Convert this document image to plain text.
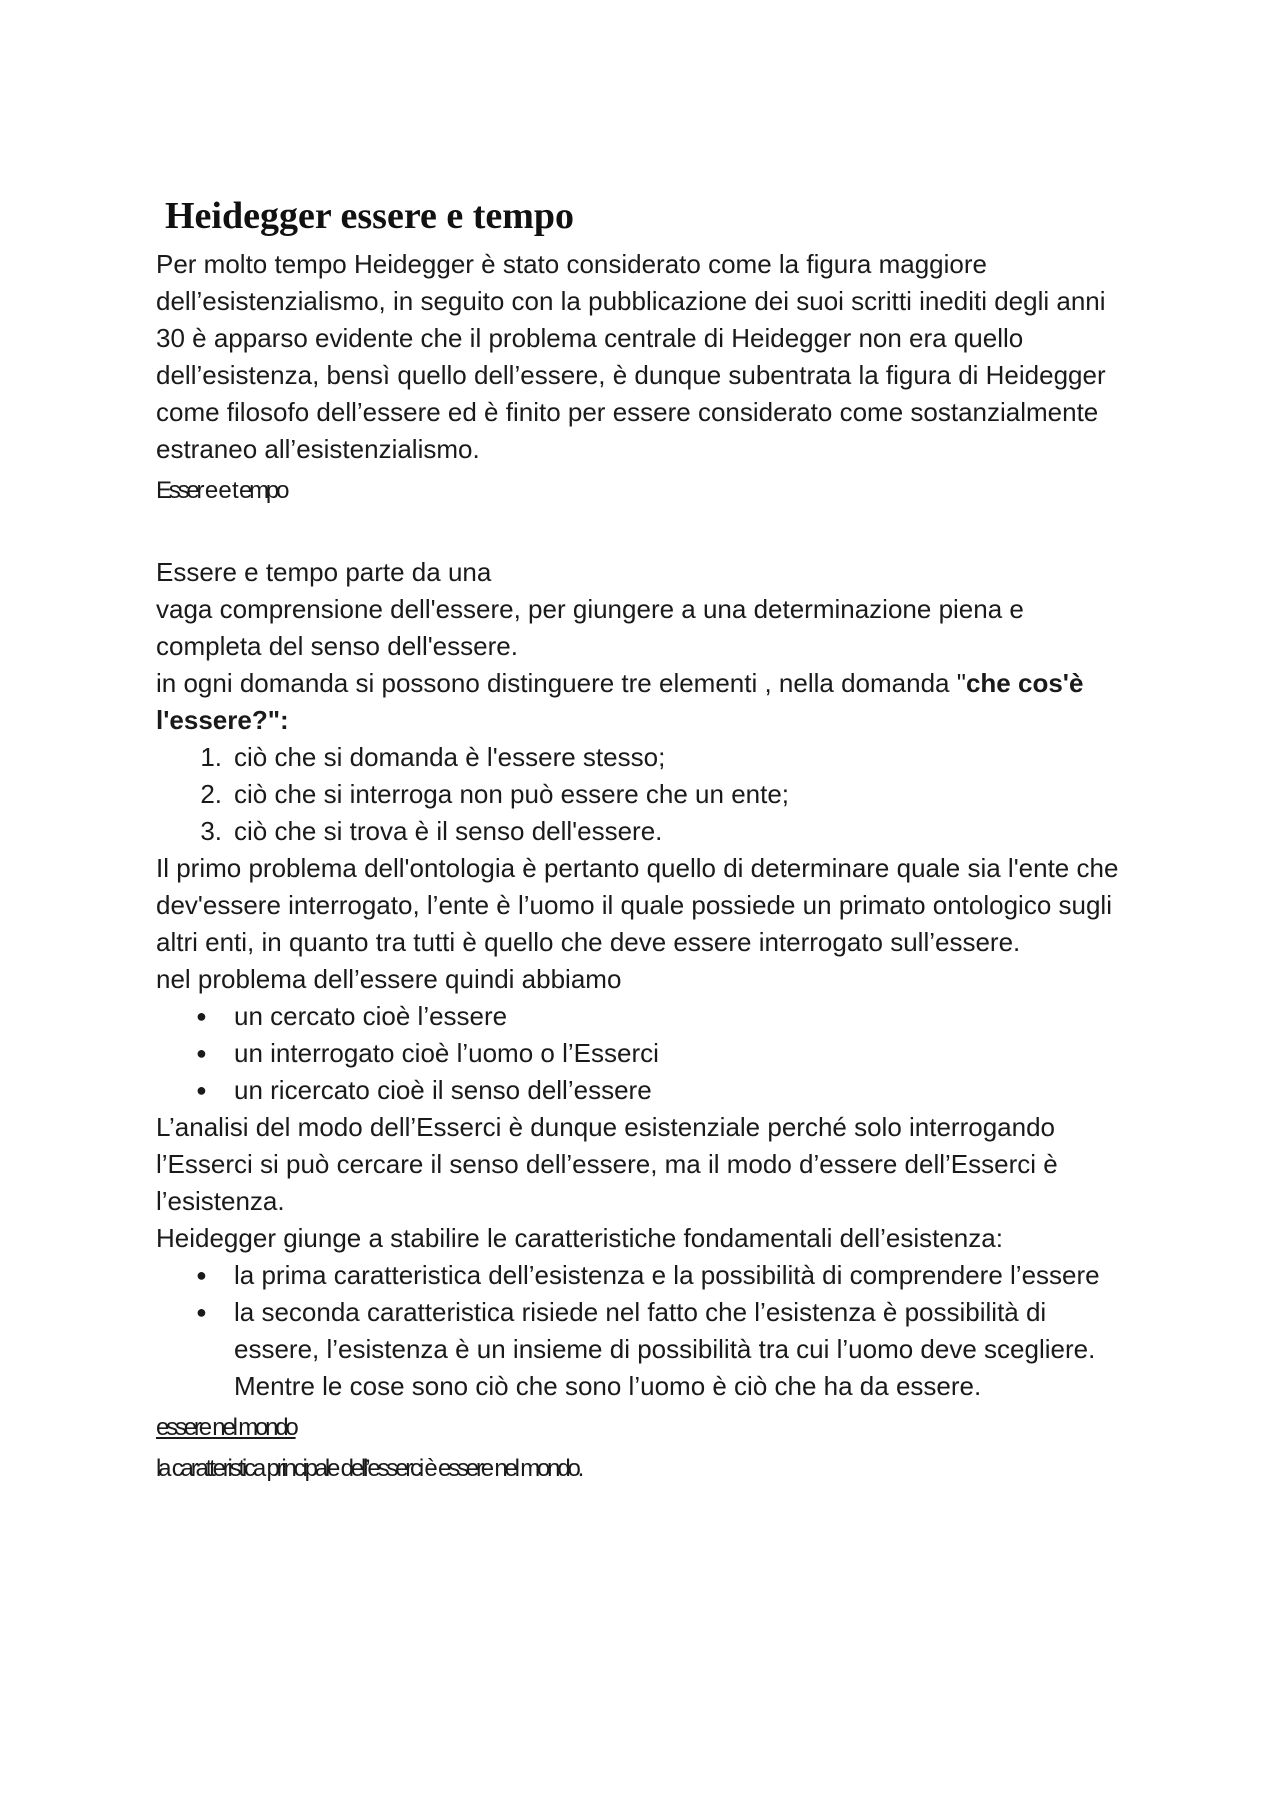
Heidegger essere e tempo

Per molto tempo Heidegger è stato considerato come la figura maggiore dell’esistenzialismo, in seguito con la pubblicazione dei suoi scritti inediti degli anni 30 è apparso evidente che il problema centrale di Heidegger non era quello dell’esistenza, bensì quello dell’essere, è dunque subentrata la figura di Heidegger come filosofo dell’essere ed è finito per essere considerato come sostanzialmente estraneo all’esistenzialismo.

Esser e e t empo

Essere e tempo parte da una

vaga comprensione dell'essere, per giungere a una determinazione piena e completa del senso dell'essere.

in ogni domanda si possono distinguere tre elementi , nella domanda "che cos'è l'essere?":

1. ciò che si domanda è l'essere stesso;
2. ciò che si interroga non può essere che un ente;
3. ciò che si trova è il senso dell'essere.

Il primo problema dell'ontologia è pertanto quello di determinare quale sia l'ente che dev'essere interrogato, l’ente è l’uomo il quale possiede un primato ontologico sugli altri enti, in quanto tra tutti è quello che deve essere interrogato sull’essere.

nel problema dell’essere quindi abbiamo

● un cercato cioè l’essere
● un interrogato cioè l’uomo o l’Esserci
● un ricercato cioè il senso dell’essere

L’analisi del modo dell’Esserci è dunque esistenziale perché solo interrogando l’Esserci si può cercare il senso dell’essere, ma il modo d’essere dell’Esserci è l’esistenza.

Heidegger giunge a stabilire le caratteristiche fondamentali dell’esistenza:

● la prima caratteristica dell’esistenza e la possibilità di comprendere l’essere
● la seconda caratteristica risiede nel fatto che l’esistenza è possibilità di essere, l’esistenza è un insieme di possibilità tra cui l’uomo deve scegliere. Mentre le cose sono ciò che sono l’uomo è ciò che ha da essere.

essere nel mondo

la caratteristica principale dell’esserci è essere nel mondo.
